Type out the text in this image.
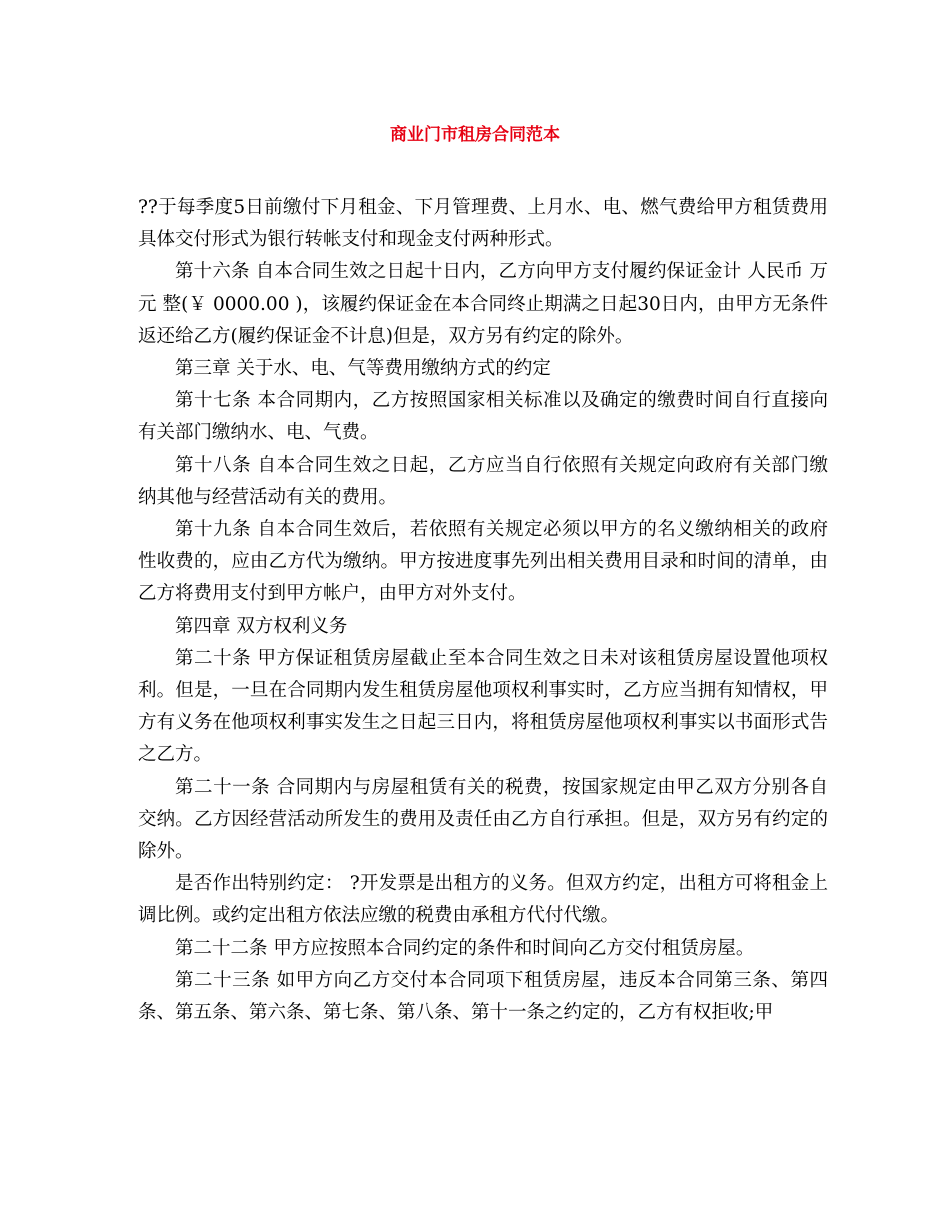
商业门市租房合同范本

??于每季度5日前缴付下月租金、下月管理费、上月水、电、燃气费给甲方租赁费用具体交付形式为银行转帐支付和现金支付两种形式。

第十六条 自本合同生效之日起十日内，乙方向甲方支付履约保证金计 人民币 万元 整(￥ 0000.00 )，该履约保证金在本合同终止期满之日起30日内，由甲方无条件返还给乙方(履约保证金不计息)但是，双方另有约定的除外。

第三章 关于水、电、气等费用缴纳方式的约定

第十七条 本合同期内，乙方按照国家相关标准以及确定的缴费时间自行直接向有关部门缴纳水、电、气费。

第十八条 自本合同生效之日起，乙方应当自行依照有关规定向政府有关部门缴纳其他与经营活动有关的费用。

第十九条 自本合同生效后，若依照有关规定必须以甲方的名义缴纳相关的政府性收费的，应由乙方代为缴纳。甲方按进度事先列出相关费用目录和时间的清单，由乙方将费用支付到甲方帐户，由甲方对外支付。

第四章 双方权利义务

第二十条 甲方保证租赁房屋截止至本合同生效之日未对该租赁房屋设置他项权利。但是，一旦在合同期内发生租赁房屋他项权利事实时，乙方应当拥有知情权，甲方有义务在他项权利事实发生之日起三日内，将租赁房屋他项权利事实以书面形式告之乙方。

第二十一条 合同期内与房屋租赁有关的税费，按国家规定由甲乙双方分别各自交纳。乙方因经营活动所发生的费用及责任由乙方自行承担。但是，双方另有约定的除外。

是否作出特别约定： ?开发票是出租方的义务。但双方约定，出租方可将租金上调比例。或约定出租方依法应缴的税费由承租方代付代缴。

第二十二条 甲方应按照本合同约定的条件和时间向乙方交付租赁房屋。

第二十三条 如甲方向乙方交付本合同项下租赁房屋，违反本合同第三条、第四条、第五条、第六条、第七条、第八条、第十一条之约定的，乙方有权拒收;甲
